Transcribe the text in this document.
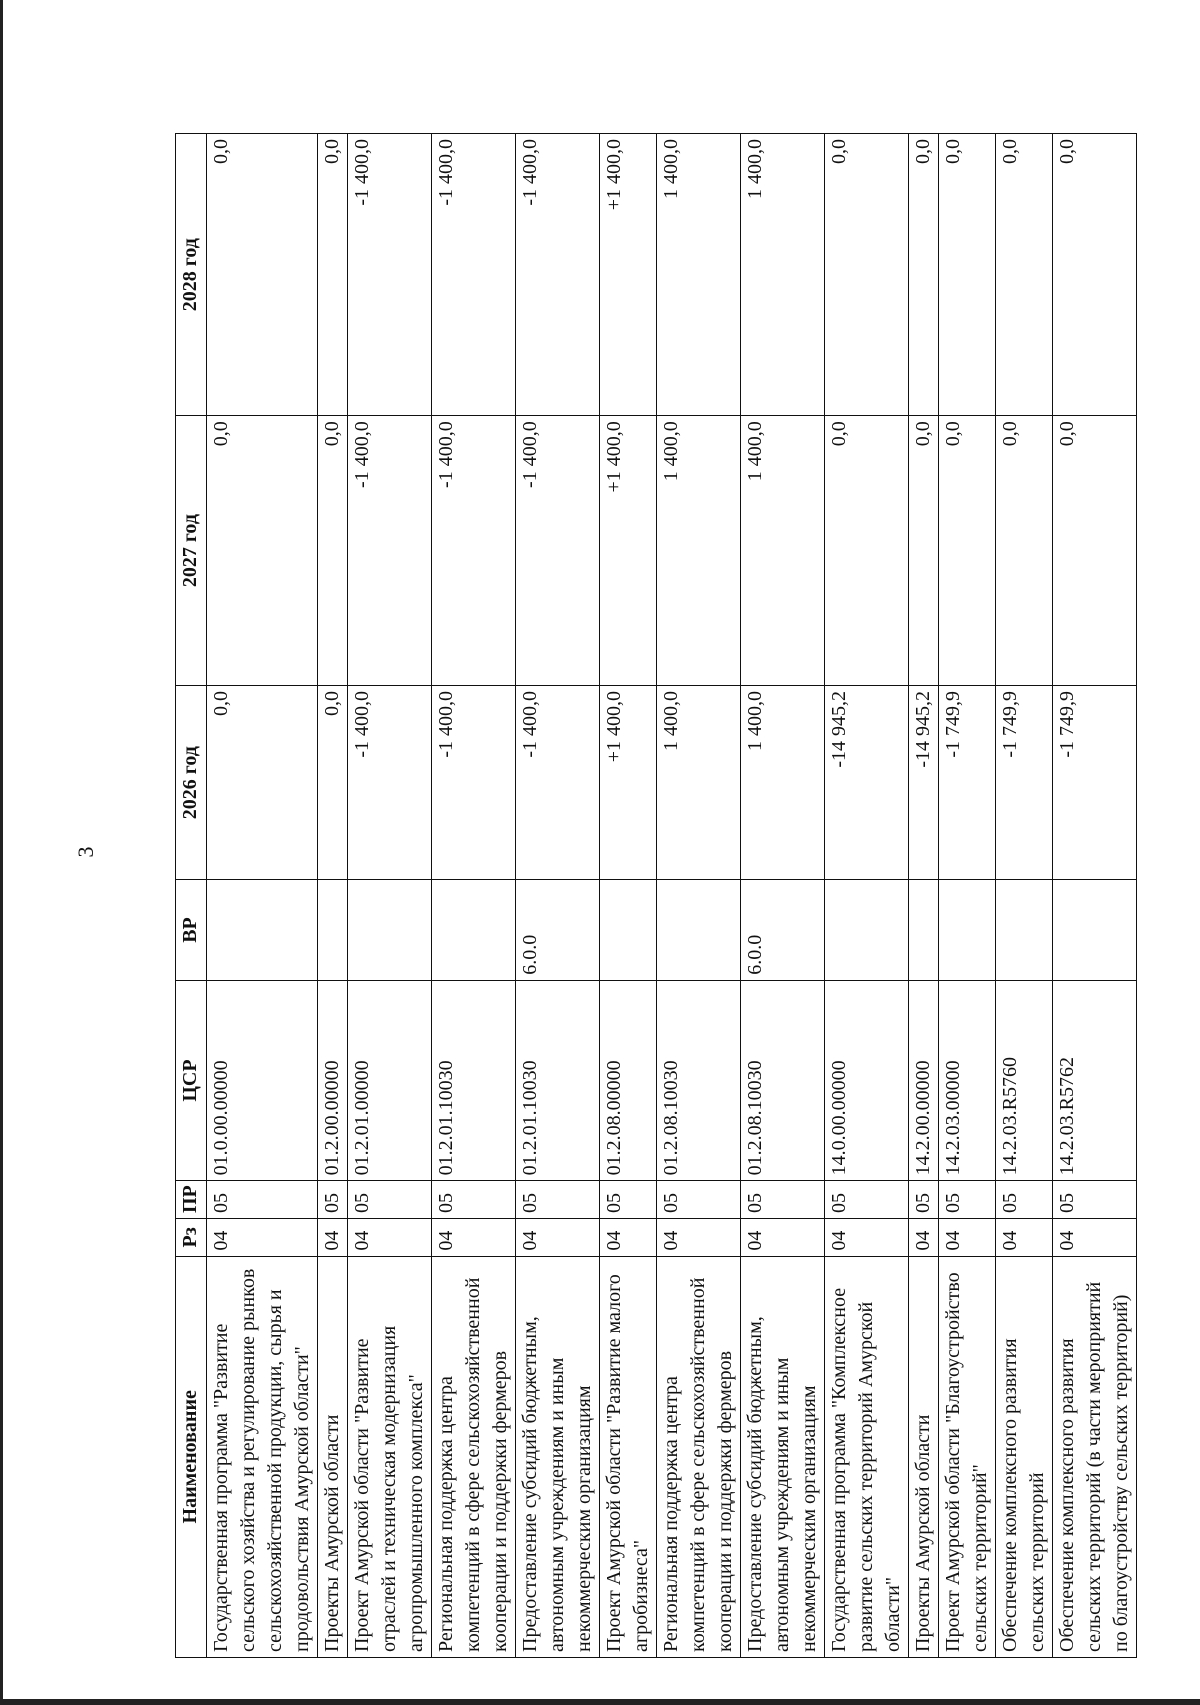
3
Наименование	Рз	ПР	ЦСР	ВР	2026 год	2027 год	2028 год
Государственная программа "Развитие сельского хозяйства и регулирование рынков сельскохозяйственной продукции, сырья и продовольствия Амурской области"	04	05	01.0.00.00000		0,0	0,0	0,0
Проекты Амурской области	04	05	01.2.00.00000		0,0	0,0	0,0
Проект Амурской области "Развитие отраслей и техническая модернизация агропромышленного комплекса"	04	05	01.2.01.00000		-1 400,0	-1 400,0	-1 400,0
Региональная поддержка центра компетенций в сфере сельскохозяйственной кооперации и поддержки фермеров	04	05	01.2.01.10030		-1 400,0	-1 400,0	-1 400,0
Предоставление субсидий бюджетным, автономным учреждениям и иным некоммерческим организациям	04	05	01.2.01.10030	6.0.0	-1 400,0	-1 400,0	-1 400,0
Проект Амурской области "Развитие малого агробизнеса"	04	05	01.2.08.00000		+1 400,0	+1 400,0	+1 400,0
Региональная поддержка центра компетенций в сфере сельскохозяйственной кооперации и поддержки фермеров	04	05	01.2.08.10030		1 400,0	1 400,0	1 400,0
Предоставление субсидий бюджетным, автономным учреждениям и иным некоммерческим организациям	04	05	01.2.08.10030	6.0.0	1 400,0	1 400,0	1 400,0
Государственная программа "Комплексное развитие сельских территорий Амурской области"	04	05	14.0.00.00000		-14 945,2	0,0	0,0
Проекты Амурской области	04	05	14.2.00.00000		-14 945,2	0,0	0,0
Проект Амурской области "Благоустройство сельских территорий"	04	05	14.2.03.00000		-1 749,9	0,0	0,0
Обеспечение комплексного развития сельских территорий	04	05	14.2.03.R5760		-1 749,9	0,0	0,0
Обеспечение комплексного развития сельских территорий (в части мероприятий по благоустройству сельских территорий)	04	05	14.2.03.R5762		-1 749,9	0,0	0,0
